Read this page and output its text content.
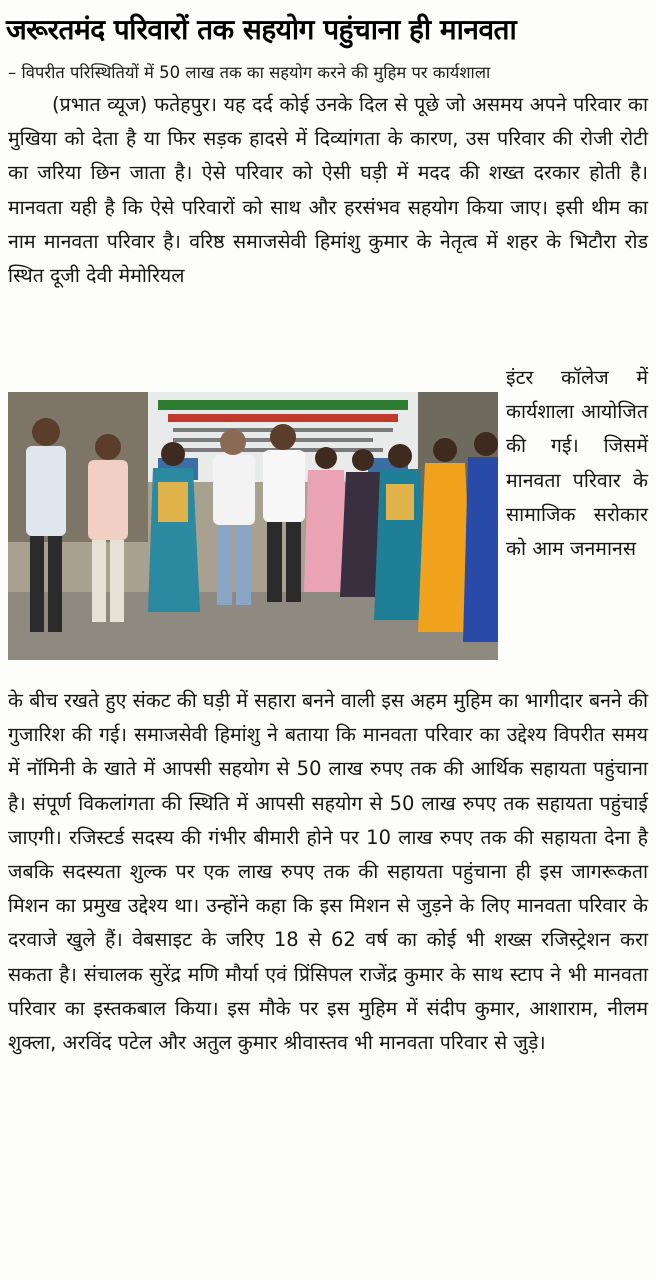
जरूरतमंद परिवारों तक सहयोग पहुंचाना ही मानवता
– विपरीत परिस्थितियों में 50 लाख तक का सहयोग करने की मुहिम पर कार्यशाला
(प्रभात व्यूज) फतेहपुर। यह दर्द कोई उनके दिल से पूछे जो असमय अपने परिवार का मुखिया को देता है या फिर सड़क हादसे में दिव्यांगता के कारण, उस परिवार की रोजी रोटी का जरिया छिन जाता है। ऐसे परिवार को ऐसी घड़ी में मदद की शख्त दरकार होती है। मानवता यही है कि ऐसे परिवारों को साथ और हरसंभव सहयोग किया जाए। इसी थीम का नाम मानवता परिवार है। वरिष्ठ समाजसेवी हिमांशु कुमार के नेतृत्व में शहर के भिटौरा रोड स्थित दूजी देवी मेमोरियल
इंटर कॉलेज में कार्यशाला आयोजित की गई। जिसमें मानवता परिवार के सामाजिक सरोकार को आम जनमानस
के बीच रखते हुए संकट की घड़ी में सहारा बनने वाली इस अहम मुहिम का भागीदार बनने की गुजारिश की गई। समाजसेवी हिमांशु ने बताया कि मानवता परिवार का उद्देश्य विपरीत समय में नॉमिनी के खाते में आपसी सहयोग से 50 लाख रुपए तक की आर्थिक सहायता पहुंचाना है। संपूर्ण विकलांगता की स्थिति में आपसी सहयोग से 50 लाख रुपए तक सहायता पहुंचाई जाएगी। रजिस्टर्ड सदस्य की गंभीर बीमारी होने पर 10 लाख रुपए तक की सहायता देना है जबकि सदस्यता शुल्क पर एक लाख रुपए तक की सहायता पहुंचाना ही इस जागरूकता मिशन का प्रमुख उद्देश्य था। उन्होंने कहा कि इस मिशन से जुड़ने के लिए मानवता परिवार के दरवाजे खुले हैं। वेबसाइट के जरिए 18 से 62 वर्ष का कोई भी शख्स रजिस्ट्रेशन करा सकता है। संचालक सुरेंद्र मणि मौर्या एवं प्रिंसिपल राजेंद्र कुमार के साथ स्टाप ने भी मानवता परिवार का इस्तकबाल किया। इस मौके पर इस मुहिम में संदीप कुमार, आशाराम, नीलम शुक्ला, अरविंद पटेल और अतुल कुमार श्रीवास्तव भी मानवता परिवार से जुड़े।
